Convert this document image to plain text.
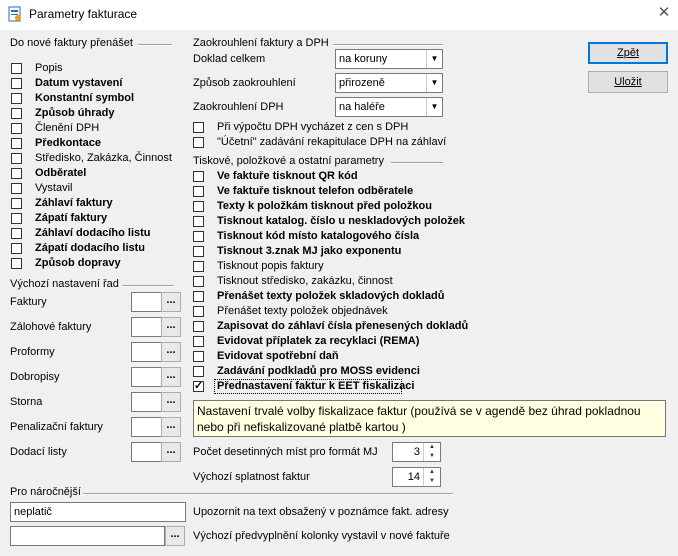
Parametry fakturace	✕
Do nové faktury přenášet
Popis
Datum vystavení
Konstantní symbol
Způsob úhrady
Členění DPH
Předkontace
Středisko, Zakázka, Činnost
Odběratel
Vystavil
Záhlaví faktury
Zápatí faktury
Záhlaví dodacího listu
Zápatí dodacího listu
Způsob dopravy
Výchozí nastavení řad
Faktury	...
Zálohové faktury	...
Proformy	...
Dobropisy	...
Storna	...
Penalizační faktury	...
Dodací listy	...
Zaokrouhlení faktury a DPH
Doklad celkem	na koruny	▼
Způsob zaokrouhlení	přirozeně	▼
Zaokrouhlení DPH	na haléře	▼
Při výpočtu DPH vycházet z cen s DPH
"Účetní" zadávání rekapitulace DPH na záhlaví
Tiskové, položkové a ostatní parametry
Ve faktuře tisknout QR kód
Ve faktuře tisknout telefon odběratele
Texty k položkám tisknout před položkou
Tisknout katalog. číslo u neskladových položek
Tisknout kód místo katalogového čísla
Tisknout 3.znak MJ jako exponentu
Tisknout popis faktury
Tisknout středisko, zakázku, činnost
Přenášet texty položek skladových dokladů
Přenášet texty položek objednávek
Zapisovat do záhlaví čísla přenesených dokladů
Evidovat příplatek za recyklaci (REMA)
Evidovat spotřební daň
Zadávání podkladů pro MOSS evidenci
✓
Přednastavení faktur k EET fiskalizaci
Počet desetinných míst pro formát MJ	3	▲
▼
Výchozí splatnost faktur	14	▲
▼
Nastavení trvalé volby fiskalizace faktur (používá se v agendě bez úhrad pokladnou nebo při nefiskalizované platbě kartou )
Pro náročnější
neplatič	Upozornit na text obsažený v poznámce fakt. adresy
...	Výchozí předvyplnění kolonky vystavil v nové faktuře
Zpět
Uložit
